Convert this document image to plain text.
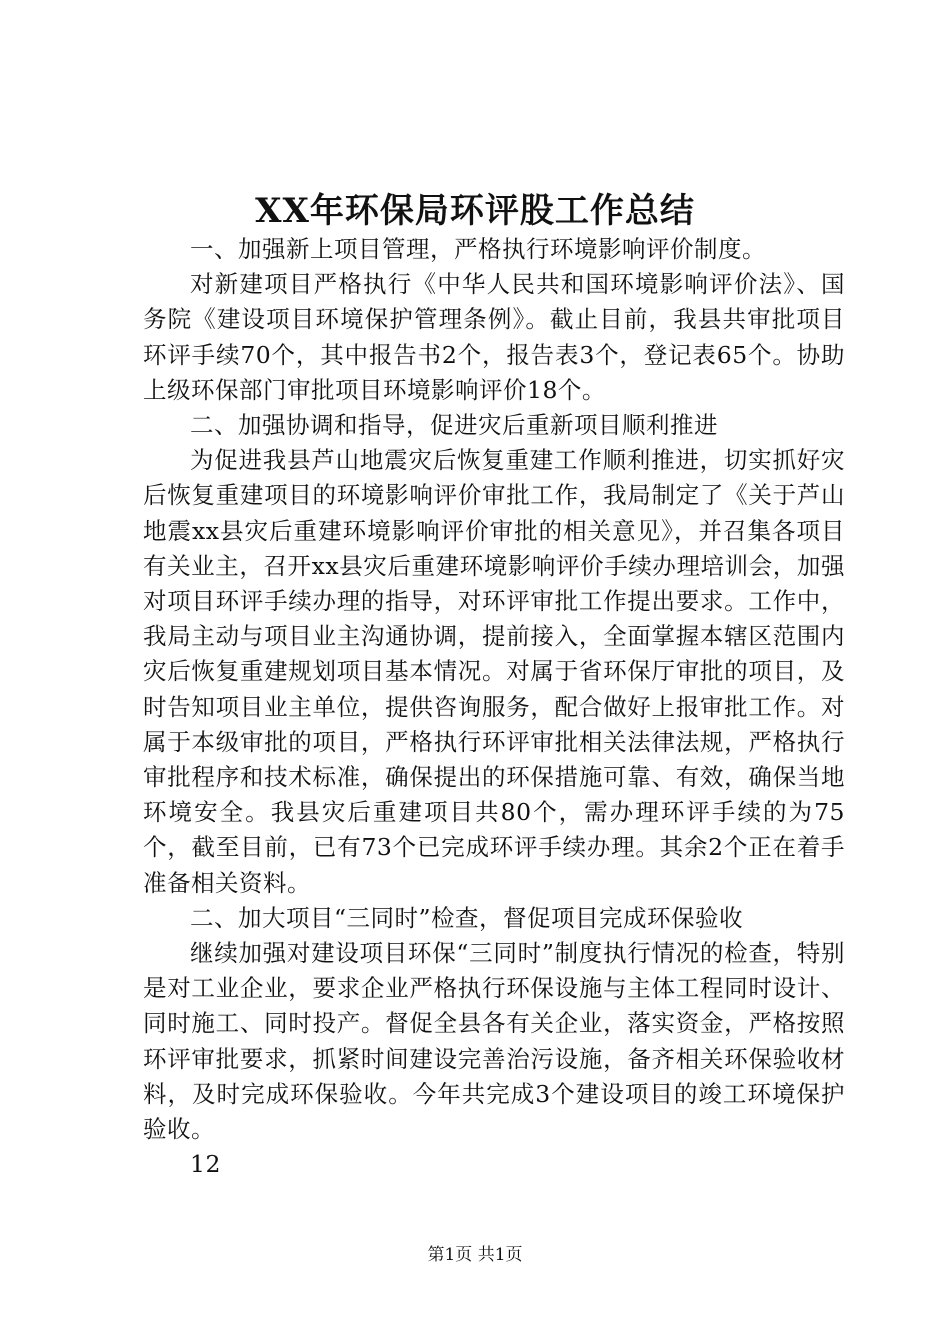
XX年环保局环评股工作总结

一、加强新上项目管理，严格执行环境影响评价制度。

对新建项目严格执行《中华人民共和国环境影响评价法》、国务院《建设项目环境保护管理条例》。截止目前，我县共审批项目环评手续70个，其中报告书2个，报告表3个，登记表65个。协助上级环保部门审批项目环境影响评价18个。

二、加强协调和指导，促进灾后重新项目顺利推进

为促进我县芦山地震灾后恢复重建工作顺利推进，切实抓好灾后恢复重建项目的环境影响评价审批工作，我局制定了《关于芦山地震xx县灾后重建环境影响评价审批的相关意见》，并召集各项目有关业主，召开xx县灾后重建环境影响评价手续办理培训会，加强对项目环评手续办理的指导，对环评审批工作提出要求。工作中，我局主动与项目业主沟通协调，提前接入，全面掌握本辖区范围内灾后恢复重建规划项目基本情况。对属于省环保厅审批的项目，及时告知项目业主单位，提供咨询服务，配合做好上报审批工作。对属于本级审批的项目，严格执行环评审批相关法律法规，严格执行审批程序和技术标准，确保提出的环保措施可靠、有效，确保当地环境安全。我县灾后重建项目共80个，需办理环评手续的为75个，截至目前，已有73个已完成环评手续办理。其余2个正在着手准备相关资料。

二、加大项目“三同时”检查，督促项目完成环保验收

继续加强对建设项目环保“三同时”制度执行情况的检查，特别是对工业企业，要求企业严格执行环保设施与主体工程同时设计、同时施工、同时投产。督促全县各有关企业，落实资金，严格按照环评审批要求，抓紧时间建设完善治污设施，备齐相关环保验收材料，及时完成环保验收。今年共完成3个建设项目的竣工环境保护验收。

12

第1页 共1页
